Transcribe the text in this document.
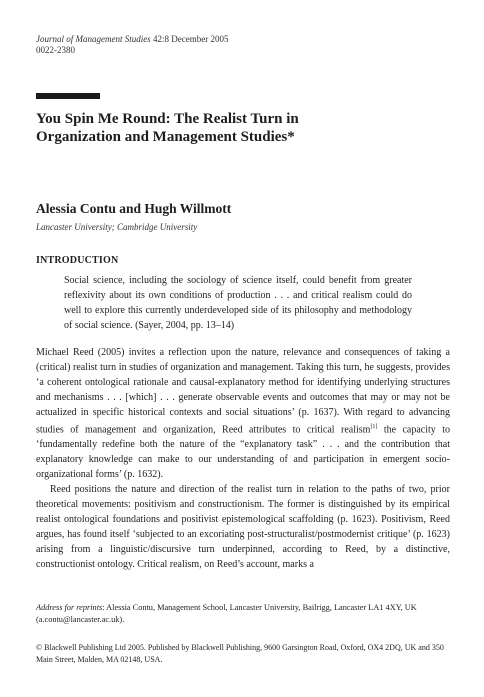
Journal of Management Studies 42:8 December 2005
0022-2380
You Spin Me Round: The Realist Turn in
Organization and Management Studies*
Alessia Contu and Hugh Willmott
Lancaster University; Cambridge University
INTRODUCTION

Social science, including the sociology of science itself, could benefit from greater reflexivity about its own conditions of production . . . and critical realism could do well to explore this currently underdeveloped side of its philosophy and methodology of social science. (Sayer, 2004, pp. 13–14)

Michael Reed (2005) invites a reflection upon the nature, relevance and consequences of taking a (critical) realist turn in studies of organization and management. Taking this turn, he suggests, provides ‘a coherent ontological rationale and causal-explanatory method for identifying underlying structures and mechanisms . . . [which] . . . generate observable events and outcomes that may or may not be actualized in specific historical contexts and social situations’ (p. 1637). With regard to advancing studies of management and organization, Reed attributes to critical realism[1] the capacity to ‘fundamentally redefine both the nature of the “explanatory task” . . . and the contribution that explanatory knowledge can make to our understanding of and participation in emergent socio-organizational forms’ (p. 1632).

Reed positions the nature and direction of the realist turn in relation to the paths of two, prior theoretical movements: positivism and constructionism. The former is distinguished by its empirical realist ontological foundations and positivist epistemological scaffolding (p. 1623). Positivism, Reed argues, has found itself ‘subjected to an excoriating post-structuralist/postmodernist critique’ (p. 1623) arising from a linguistic/discursive turn underpinned, according to Reed, by a distinctive, constructionist ontology. Critical realism, on Reed’s account, marks a

Address for reprints: Alessia Contu, Management School, Lancaster University, Bailrigg, Lancaster LA1 4XY, UK (a.contu@lancaster.ac.uk).
© Blackwell Publishing Ltd 2005. Published by Blackwell Publishing, 9600 Garsington Road, Oxford, OX4 2DQ, UK and 350 Main Street, Malden, MA 02148, USA.
